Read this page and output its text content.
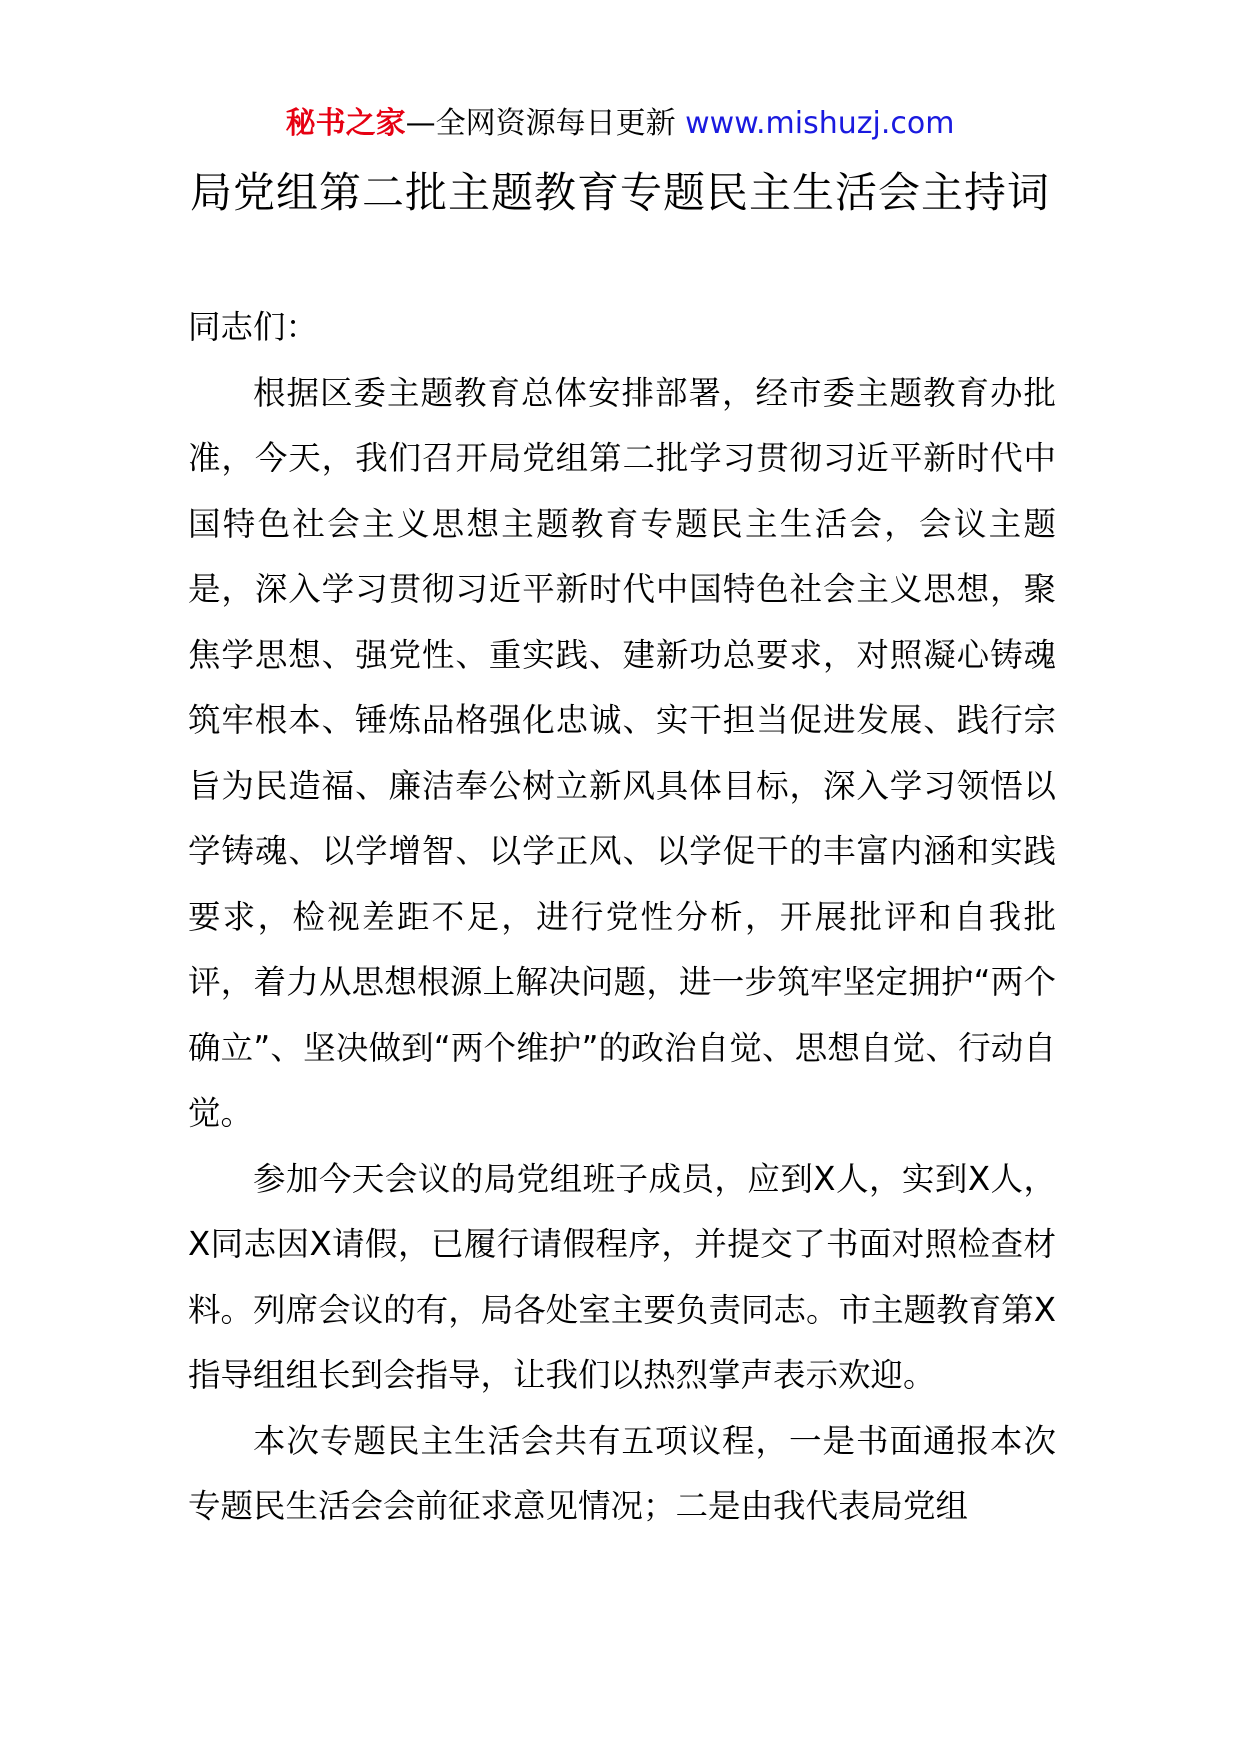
秘书之家—全网资源每日更新 www.mishuzj.com
局党组第二批主题教育专题民主生活会主持词

同志们：

根据区委主题教育总体安排部署，经市委主题教育办批准，今天，我们召开局党组第二批学习贯彻习近平新时代中国特色社会主义思想主题教育专题民主生活会，会议主题是，深入学习贯彻习近平新时代中国特色社会主义思想，聚焦学思想、强党性、重实践、建新功总要求，对照凝心铸魂筑牢根本、锤炼品格强化忠诚、实干担当促进发展、践行宗旨为民造福、廉洁奉公树立新风具体目标，深入学习领悟以学铸魂、以学增智、以学正风、以学促干的丰富内涵和实践要求，检视差距不足，进行党性分析，开展批评和自我批评，着力从思想根源上解决问题，进一步筑牢坚定拥护“两个确立”、坚决做到“两个维护”的政治自觉、思想自觉、行动自觉。

参加今天会议的局党组班子成员，应到X人，实到X人，X同志因X请假，已履行请假程序，并提交了书面对照检查材料。列席会议的有，局各处室主要负责同志。市主题教育第X指导组组长到会指导，让我们以热烈掌声表示欢迎。

本次专题民主生活会共有五项议程，一是书面通报本次专题民生活会会前征求意见情况；二是由我代表局党组
